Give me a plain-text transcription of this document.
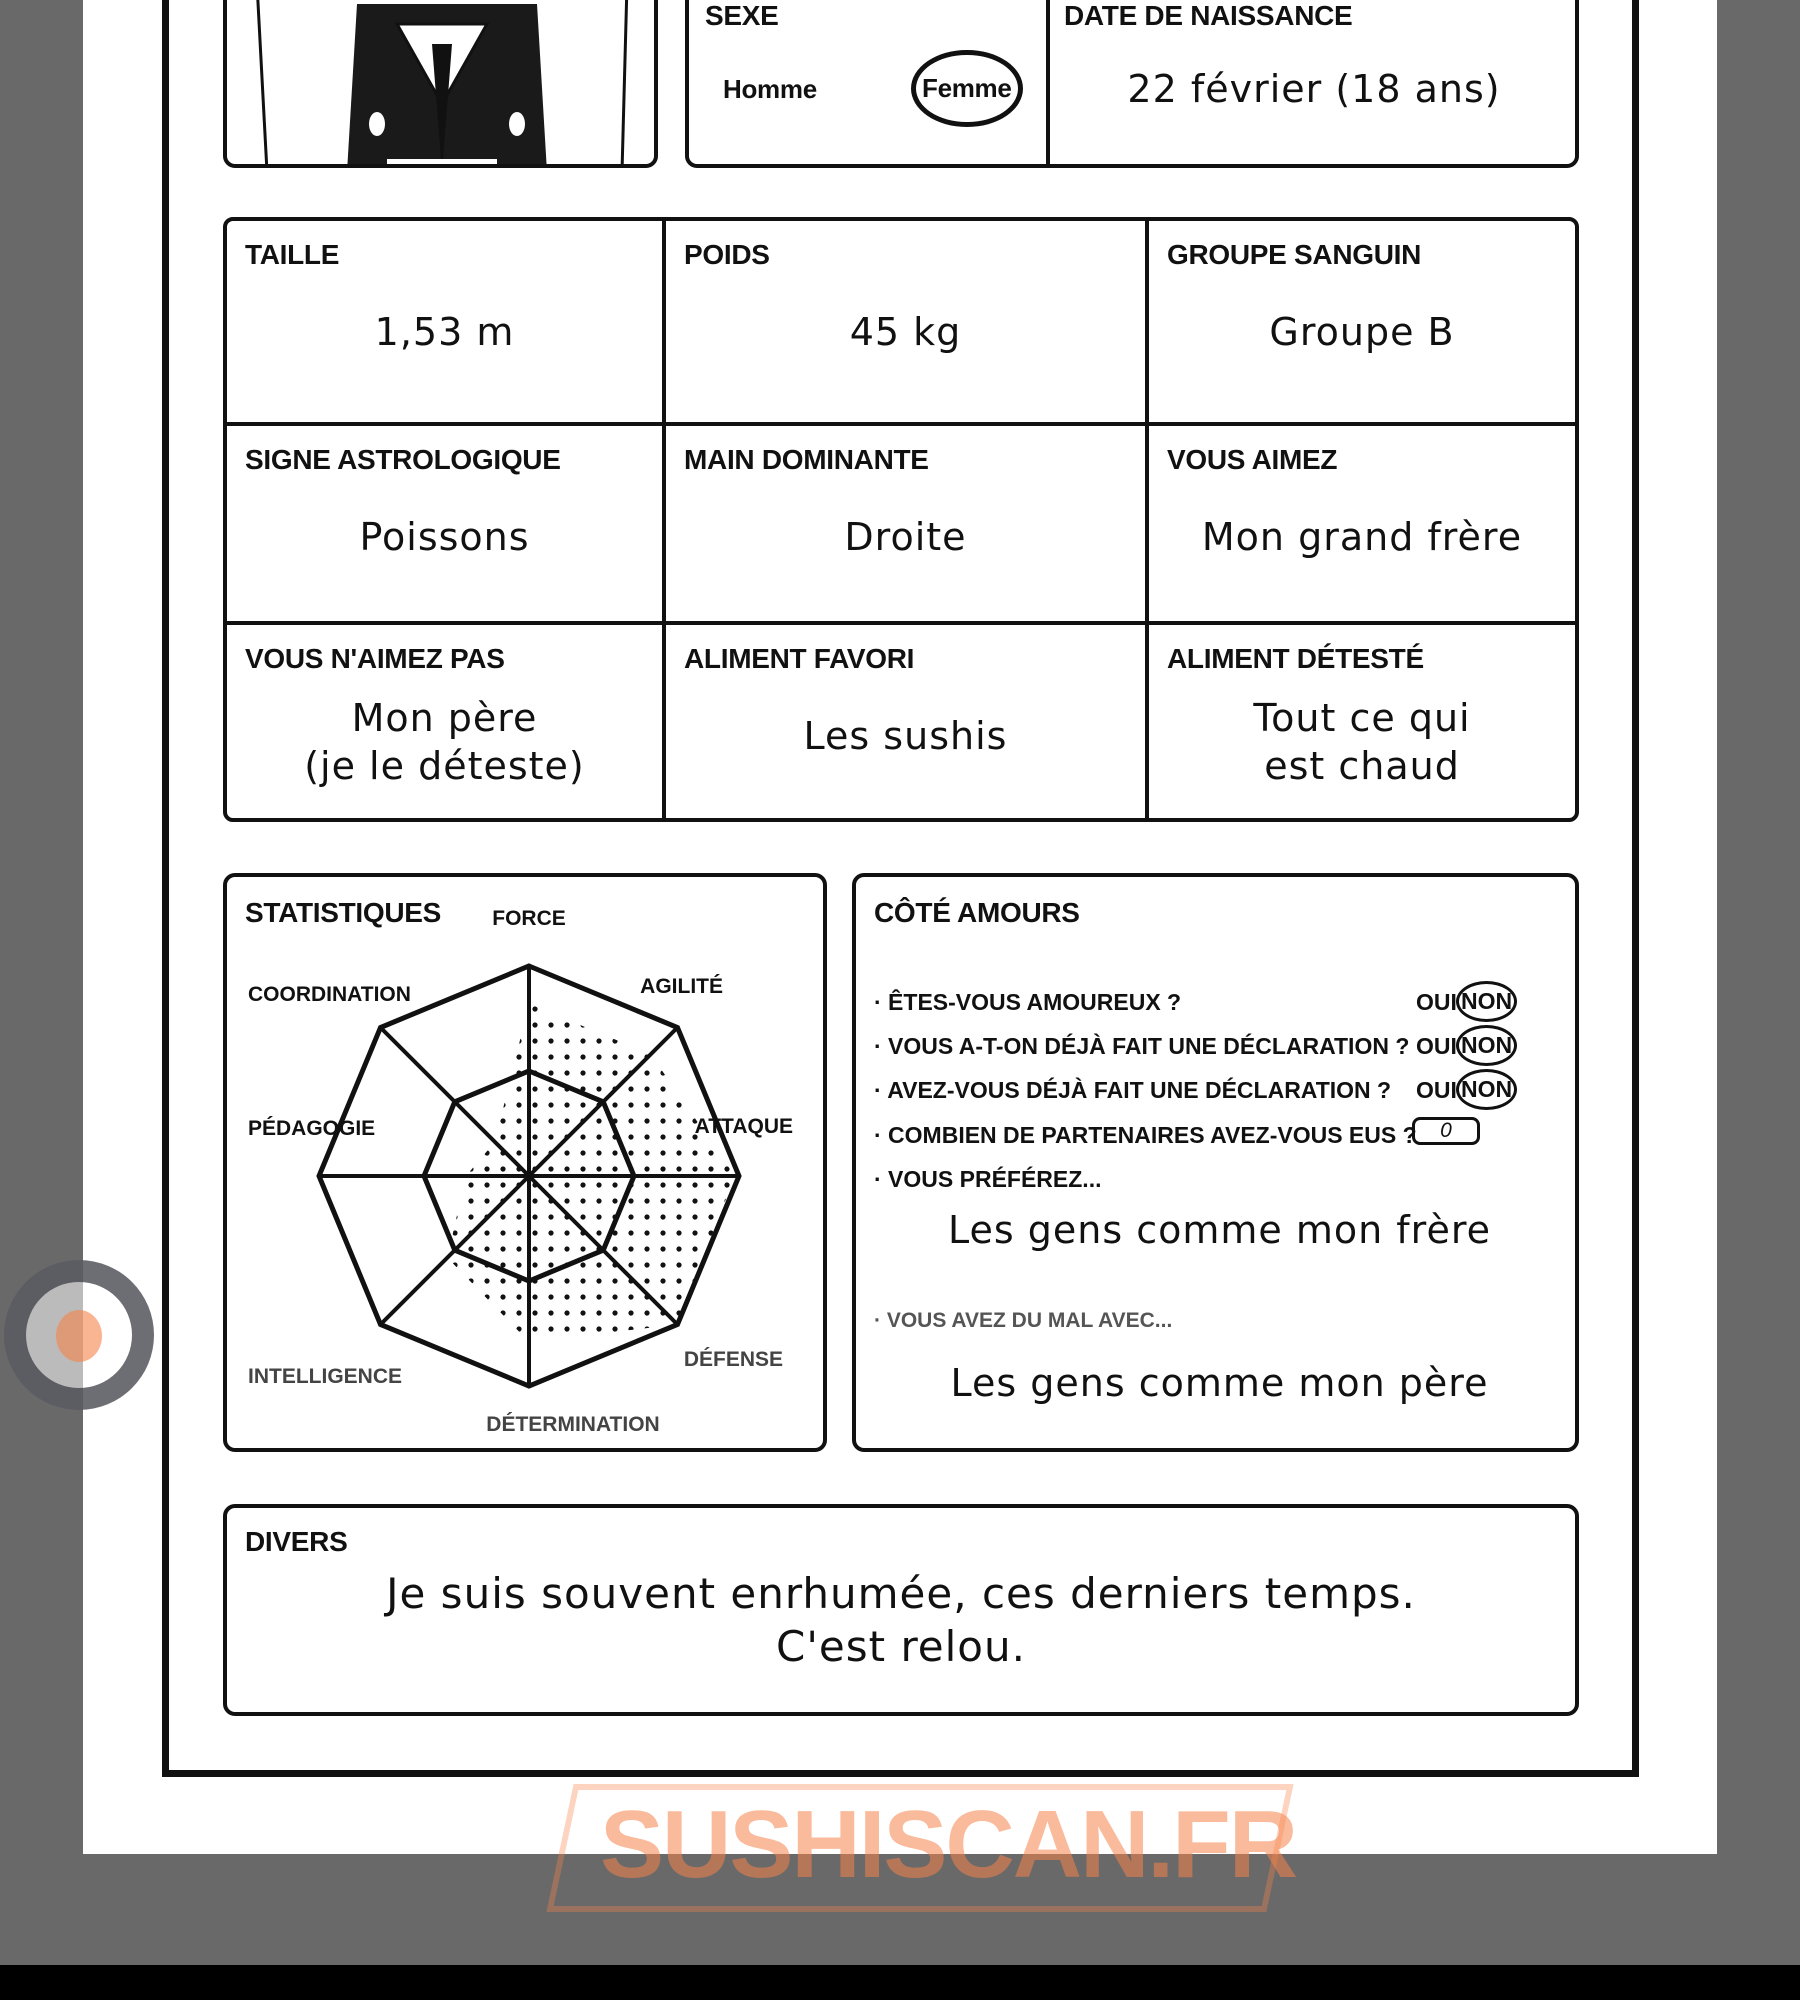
SUSHISCAN.FR
SEXE
Homme	Femme
DATE DE NAISSANCE
22 février (18 ans)
TAILLE
1,53 m
POIDS
45 kg
GROUPE SANGUIN
Groupe B
SIGNE ASTROLOGIQUE
Poissons
MAIN DOMINANTE
Droite
VOUS AIMEZ
Mon grand frère
VOUS N'AIMEZ PAS
Mon père
(je le déteste)
ALIMENT FAVORI
Les sushis
ALIMENT DÉTESTÉ
Tout ce qui
est chaud
STATISTIQUES FORCE
AGILITÉ
ATTAQUE
DÉFENSE
DÉTERMINATION
INTELLIGENCE
PÉDAGOGIE
COORDINATION
CÔTÉ AMOURS
· ÊTES-VOUS AMOUREUX ?	OUI NON
· VOUS A-T-ON DÉJÀ FAIT UNE DÉCLARATION ? OUI NON
· AVEZ-VOUS DÉJÀ FAIT UNE DÉCLARATION ? OUI NON
· COMBIEN DE PARTENAIRES AVEZ-VOUS EUS ?	0
· VOUS PRÉFÉREZ...
Les gens comme mon frère
· VOUS AVEZ DU MAL AVEC...
Les gens comme mon père
DIVERS
Je suis souvent enrhumée, ces derniers temps.
C'est relou.
